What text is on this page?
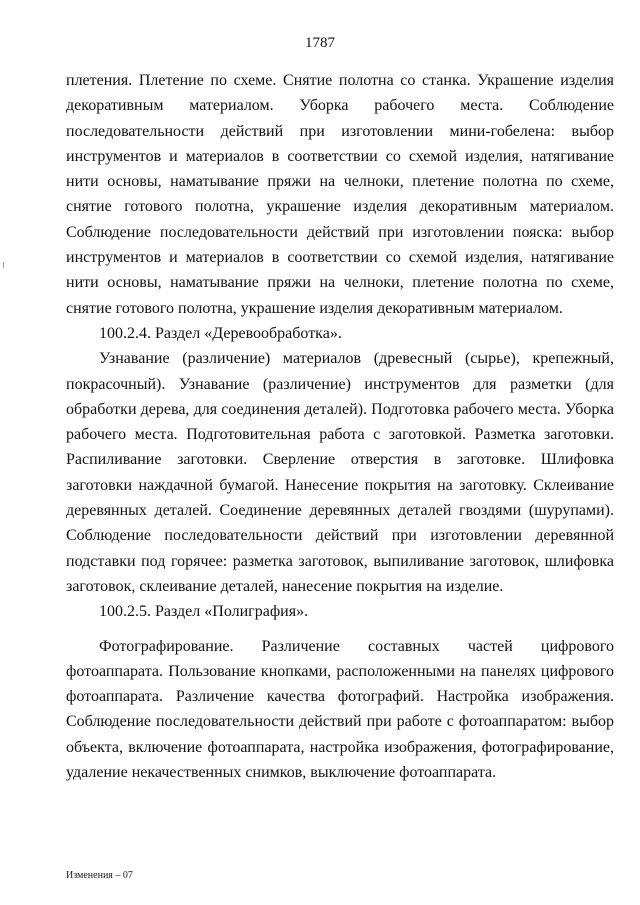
1787

плетения. Плетение по схеме. Снятие полотна со станка. Украшение изделия декоративным материалом. Уборка рабочего места. Соблюдение последовательности действий при изготовлении мини-гобелена: выбор инструментов и материалов в соответствии со схемой изделия, натягивание нити основы, наматывание пряжи на челноки, плетение полотна по схеме, снятие готового полотна, украшение изделия декоративным материалом. Соблюдение последовательности действий при изготовлении пояска: выбор инструментов и материалов в соответствии со схемой изделия, натягивание нити основы, наматывание пряжи на челноки, плетение полотна по схеме, снятие готового полотна, украшение изделия декоративным материалом.

100.2.4. Раздел «Деревообработка».

Узнавание (различение) материалов (древесный (сырье), крепежный, покрасочный). Узнавание (различение) инструментов для разметки (для обработки дерева, для соединения деталей). Подготовка рабочего места. Уборка рабочего места. Подготовительная работа с заготовкой. Разметка заготовки. Распиливание заготовки. Сверление отверстия в заготовке. Шлифовка заготовки наждачной бумагой. Нанесение покрытия на заготовку. Склеивание деревянных деталей. Соединение деревянных деталей гвоздями (шурупами). Соблюдение последовательности действий при изготовлении деревянной подставки под горячее: разметка заготовок, выпиливание заготовок, шлифовка заготовок, склеивание деталей, нанесение покрытия на изделие.

100.2.5. Раздел «Полиграфия».

Фотографирование. Различение составных частей цифрового фотоаппарата. Пользование кнопками, расположенными на панелях цифрового фотоаппарата. Различение качества фотографий. Настройка изображения. Соблюдение последовательности действий при работе с фотоаппаратом: выбор объекта, включение фотоаппарата, настройка изображения, фотографирование, удаление некачественных снимков, выключение фотоаппарата.

Изменения – 07
